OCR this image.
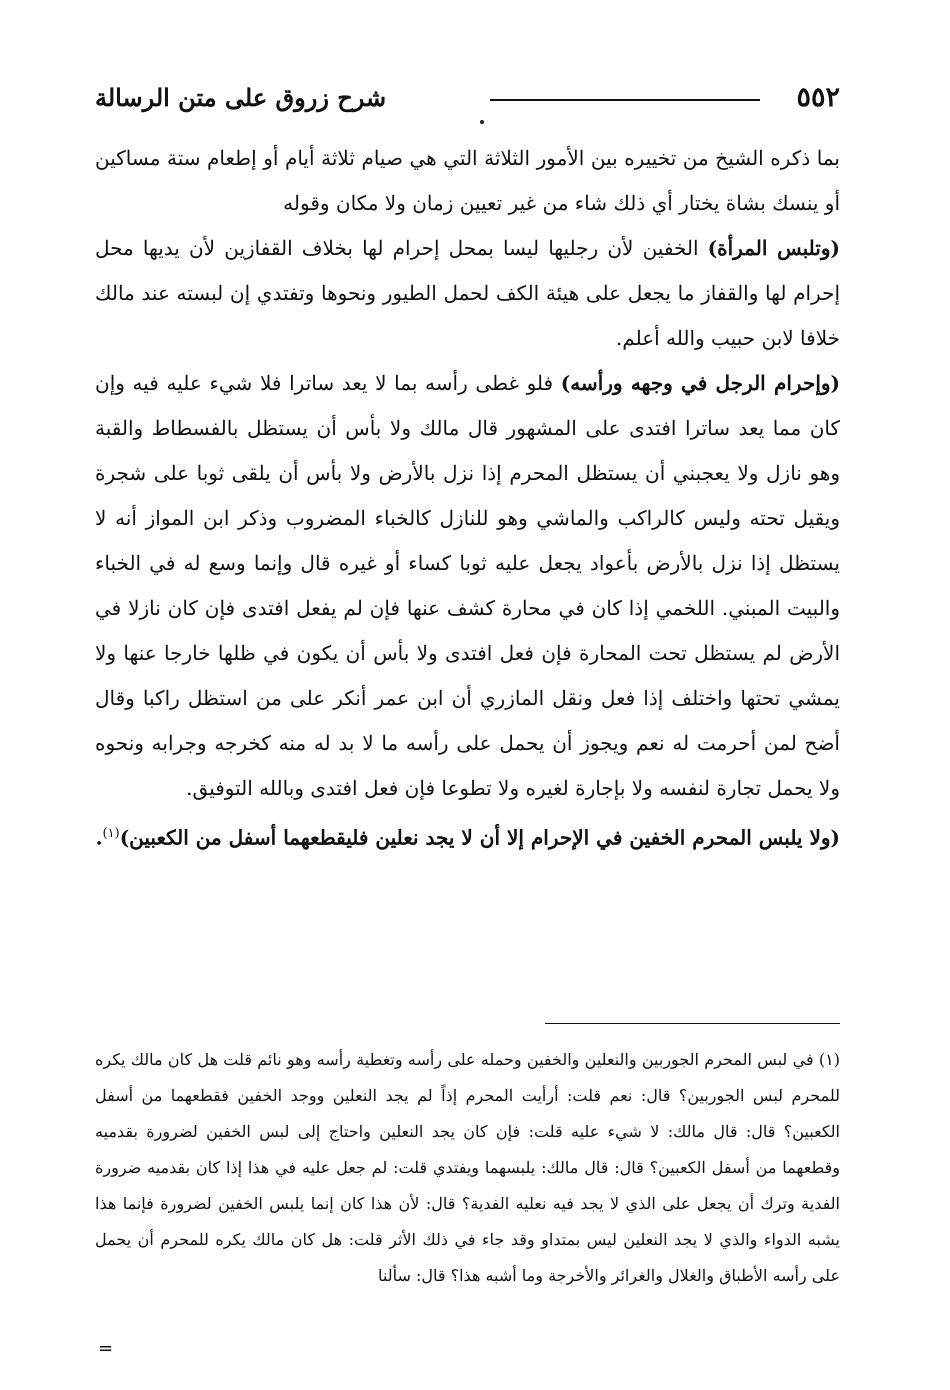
٥٥٢
شرح زروق على متن الرسالة

بما ذكره الشيخ من تخييره بين الأمور الثلاثة التي هي صيام ثلاثة أيام أو إطعام ستة مساكين أو ينسك بشاة يختار أي ذلك شاء من غير تعيين زمان ولا مكان وقوله

(وتلبس المرأة) الخفين لأن رجليها ليسا بمحل إحرام لها بخلاف القفازين لأن يديها محل إحرام لها والقفاز ما يجعل على هيئة الكف لحمل الطيور ونحوها وتفتدي إن لبسته عند مالك خلافا لابن حبيب والله أعلم.

(وإحرام الرجل في وجهه ورأسه) فلو غطى رأسه بما لا يعد ساترا فلا شيء عليه فيه وإن كان مما يعد ساترا افتدى على المشهور قال مالك ولا بأس أن يستظل بالفسطاط والقبة وهو نازل ولا يعجبني أن يستظل المحرم إذا نزل بالأرض ولا بأس أن يلقى ثوبا على شجرة ويقيل تحته وليس كالراكب والماشي وهو للنازل كالخباء المضروب وذكر ابن المواز أنه لا يستظل إذا نزل بالأرض بأعواد يجعل عليه ثوبا كساء أو غيره قال وإنما وسع له في الخباء والبيت المبني. اللخمي إذا كان في محارة كشف عنها فإن لم يفعل افتدى فإن كان نازلا في الأرض لم يستظل تحت المحارة فإن فعل افتدى ولا بأس أن يكون في ظلها خارجا عنها ولا يمشي تحتها واختلف إذا فعل ونقل المازري أن ابن عمر أنكر على من استظل راكبا وقال أضح لمن أحرمت له نعم ويجوز أن يحمل على رأسه ما لا بد له منه كخرجه وجرابه ونحوه ولا يحمل تجارة لنفسه ولا بإجارة لغيره ولا تطوعا فإن فعل افتدى وبالله التوفيق.

(ولا يلبس المحرم الخفين في الإحرام إلا أن لا يجد نعلين فليقطعهما أسفل من الكعبين)$^{(١)}$.

(١) في لبس المحرم الجوربين والنعلين والخفين وحمله على رأسه وتغطية رأسه وهو نائم قلت هل كان مالك يكره للمحرم لبس الجوربين؟ قال: نعم قلت: أرأيت المحرم إذاً لم يجد النعلين ووجد الخفين فقطعهما من أسفل الكعبين؟ قال: قال مالك: لا شيء عليه قلت: فإن كان يجد النعلين واحتاج إلى لبس الخفين لضرورة بقدميه وقطعهما من أسفل الكعبين؟ قال: قال مالك: يلبسهما ويفتدي قلت: لم جعل عليه في هذا إذا كان بقدميه ضرورة الفدية وترك أن يجعل على الذي لا يجد فيه نعليه الفدية؟ قال: لأن هذا كان إنما يلبس الخفين لضرورة فإنما هذا يشبه الدواء والذي لا يجد النعلين ليس بمتداو وقد جاء في ذلك الأثر قلت: هل كان مالك يكره للمحرم أن يحمل على رأسه الأطباق والغلال والغرائر والأخرجة وما أشبه هذا؟ قال: سألنا
=
